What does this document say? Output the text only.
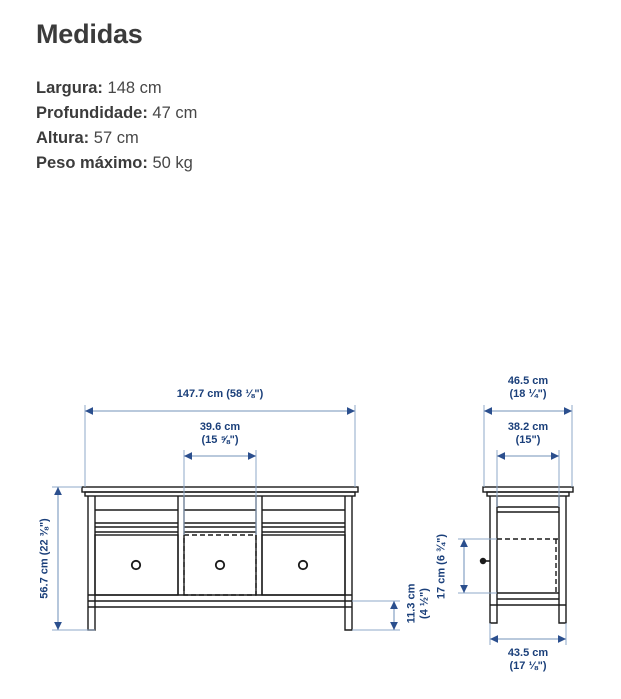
Medidas

Largura: 148 cm

Profundidade: 47 cm

Altura: 57 cm

Peso máximo: 50 kg

147.7 cm (58 ⅛")
39.6 cm
(15 ⅝")
56.7 cm (22 ⅜")
11.3 cm (4 ½")
46.5 cm
(18 ¼")
38.2 cm
(15")
17 cm (6 ¾")
43.5 cm
(17 ⅛")
